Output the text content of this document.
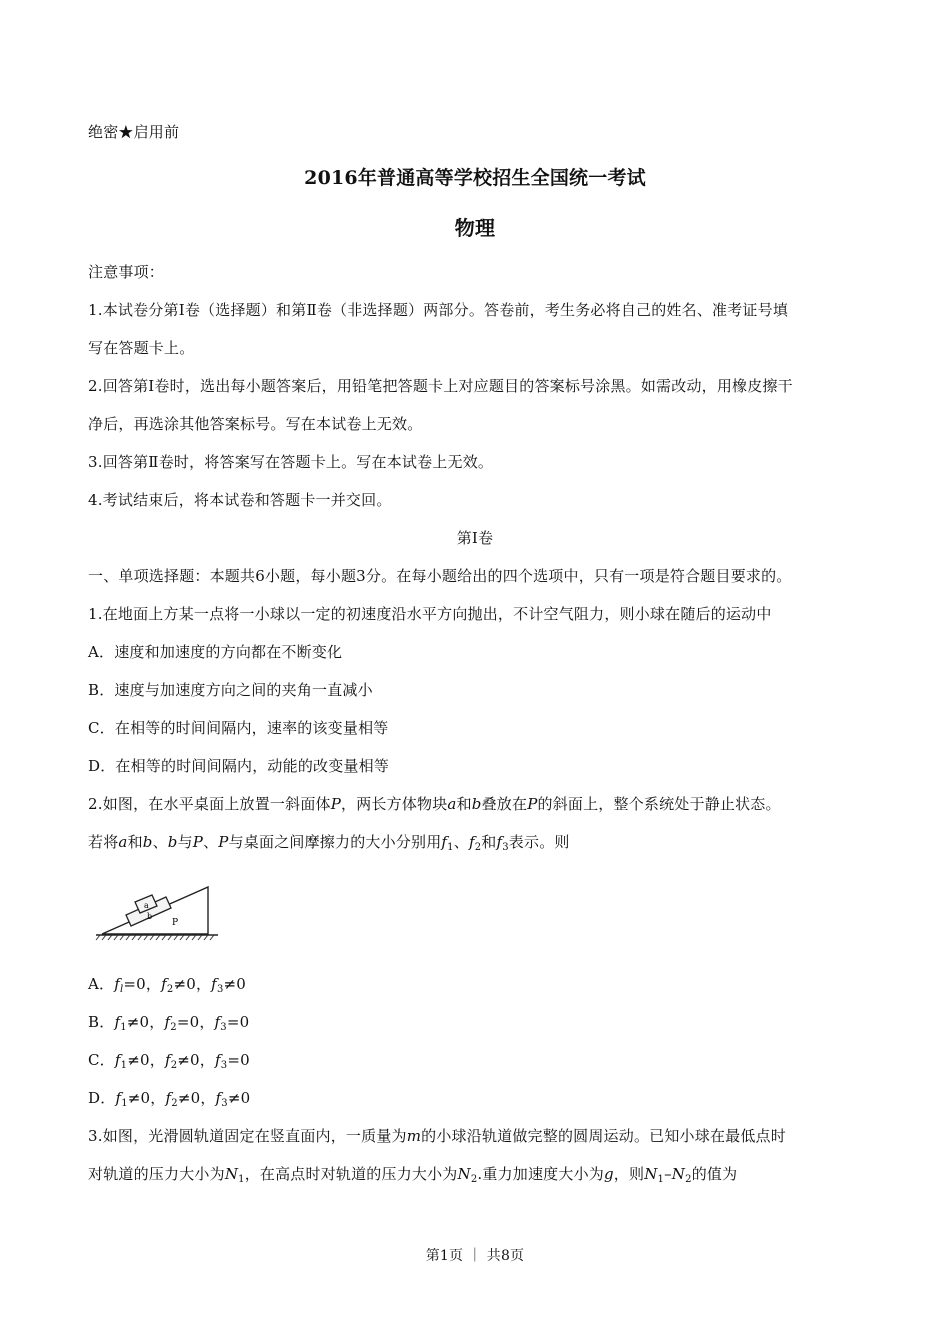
绝密★启用前
2016年普通高等学校招生全国统一考试
物理
注意事项：
1.本试卷分第Ⅰ卷（选择题）和第Ⅱ卷（非选择题）两部分。答卷前，考生务必将自己的姓名、准考证号填
写在答题卡上。
2.回答第Ⅰ卷时，选出每小题答案后，用铅笔把答题卡上对应题目的答案标号涂黑。如需改动，用橡皮擦干
净后，再选涂其他答案标号。写在本试卷上无效。
3.回答第Ⅱ卷时，将答案写在答题卡上。写在本试卷上无效。
4.考试结束后，将本试卷和答题卡一并交回。
第Ⅰ卷
一、单项选择题：本题共6小题，每小题3分。在每小题给出的四个选项中，只有一项是符合题目要求的。
1.在地面上方某一点将一小球以一定的初速度沿水平方向抛出，不计空气阻力，则小球在随后的运动中
A．速度和加速度的方向都在不断变化
B．速度与加速度方向之间的夹角一直减小
C．在相等的时间间隔内，速率的该变量相等
D．在相等的时间间隔内，动能的改变量相等
2.如图，在水平桌面上放置一斜面体P，两长方体物块a和b叠放在P的斜面上，整个系统处于静止状态。
若将a和b、b与P、P与桌面之间摩擦力的大小分别用$f_1$、$f_2$和$f_3$表示。则
a
b
P
A．$f_l=0$，$f_2\ne 0$，$f_3\ne 0$
B．$f_1\ne 0$，$f_2=0$，$f_3=0$
C．$f_1\ne 0$，$f_2\ne 0$，$f_3=0$
D．$f_1\ne 0$，$f_2\ne 0$，$f_3\ne 0$
3.如图，光滑圆轨道固定在竖直面内，一质量为m的小球沿轨道做完整的圆周运动。已知小球在最低点时
对轨道的压力大小为$N_1$，在高点时对轨道的压力大小为$N_2$.重力加速度大小为g，则$N_1-N_2$的值为
第1页 ｜ 共8页
